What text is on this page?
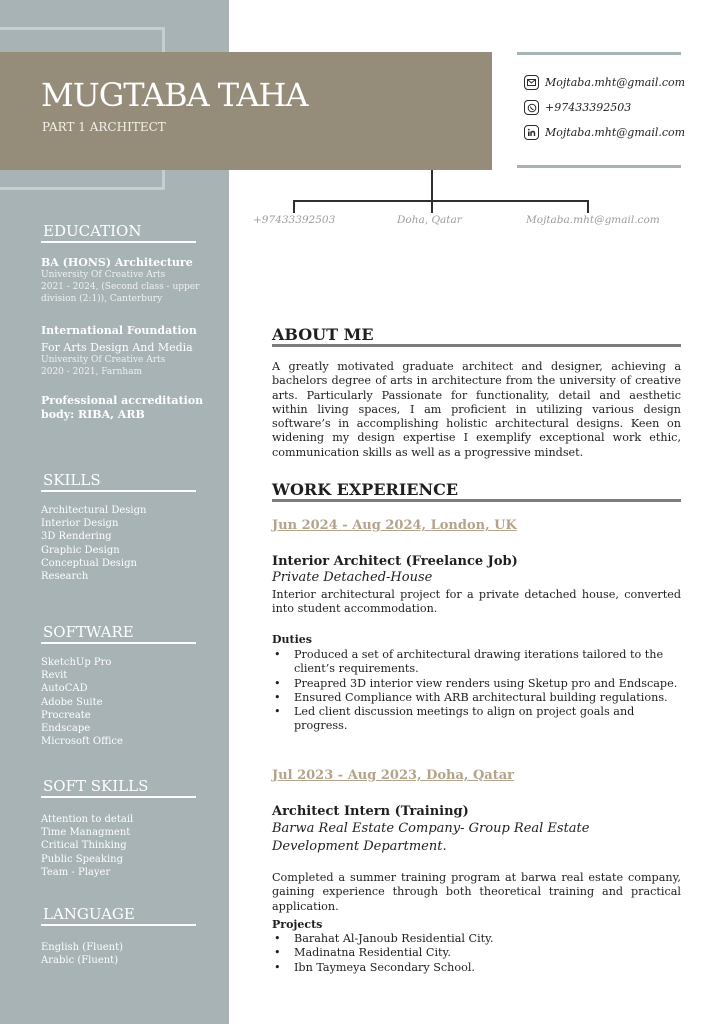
MUGTABA TAHA
PART 1 ARCHITECT
Mojtaba.mht@gmail.com
+97433392503
Mojtaba.mht@gmail.com
+97433392503	Doha, Qatar	Mojtaba.mht@gmail.com
EDUCATION
BA (HONS) Architecture
University Of Creative Arts
2021 - 2024, (Second class - upper
division (2:1)), Canterbury
International Foundation
For Arts Design And Media
University Of Creative Arts
2020 - 2021, Farnham
Professional accreditation
body: RIBA, ARB
SKILLS
Architectural Design
Interior Design
3D Rendering
Graphic Design
Conceptual Design
Research
SOFTWARE
SketchUp Pro
Revit
AutoCAD
Adobe Suite
Procreate
Endscape
Microsoft Office
SOFT SKILLS
Attention to detail
Time Managment
Critical Thinking
Public Speaking
Team - Player
LANGUAGE
English (Fluent)
Arabic (Fluent)
ABOUT ME

A greatly motivated graduate architect and designer, achieving a bachelors degree of arts in architecture from the university of creative arts. Particularly Passionate for functionality, detail and aesthetic within living spaces, I am proficient in utilizing various design software’s in accomplishing holistic architectural designs. Keen on widening my design expertise I exemplify exceptional work ethic, communication skills as well as a progressive mindset.

WORK EXPERIENCE
Jun 2024 - Aug 2024, London, UK
Interior Architect (Freelance Job)

Private Detached-House

Interior architectural project for a private detached house, converted into student accommodation.

Duties
• Produced a set of architectural drawing iterations tailored to the client’s requirements.
• Preapred 3D interior view renders using Sketup pro and Endscape.
• Ensured Compliance with ARB architectural building regulations.
• Led client discussion meetings to align on project goals and progress.
Jul 2023 - Aug 2023, Doha, Qatar
Architect Intern (Training)

Barwa Real Estate Company- Group Real Estate Development Department.

Completed a summer training program at barwa real estate company, gaining experience through both theoretical training and practical application.

Projects
• Barahat Al-Janoub Residential City.
• Madinatna Residential City.
• Ibn Taymeya Secondary School.
